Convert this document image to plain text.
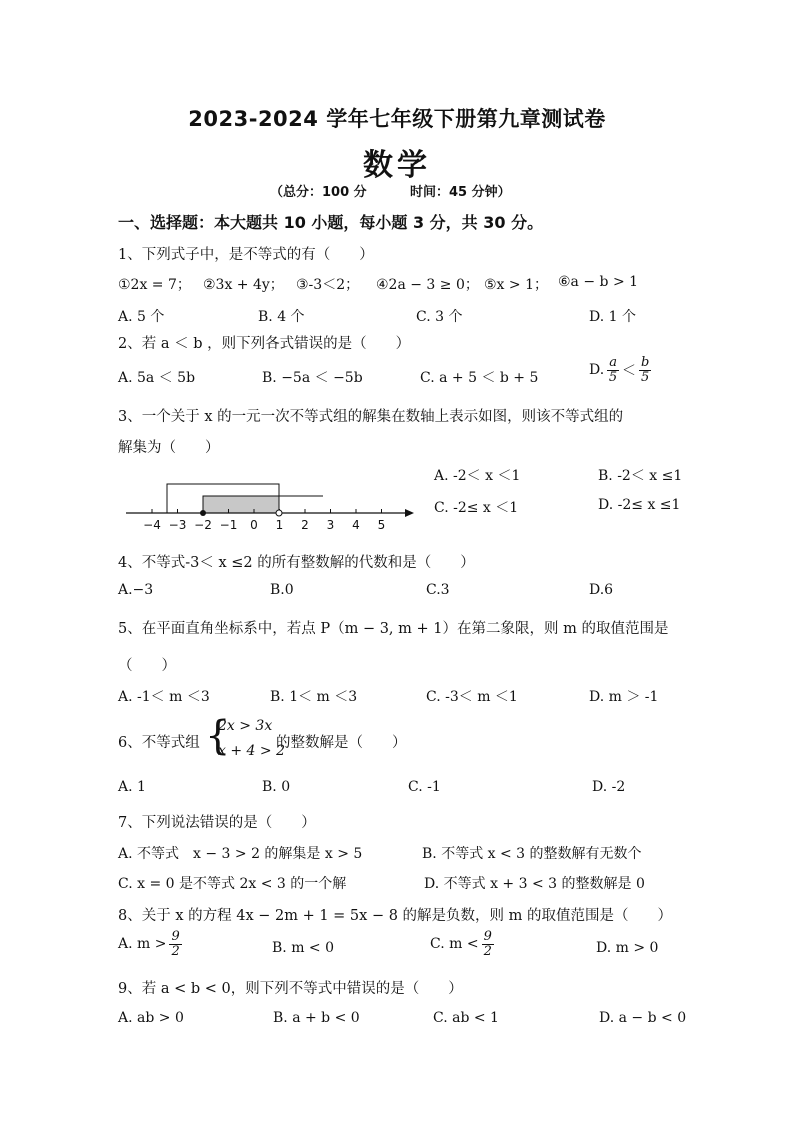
2023-2024 学年七年级下册第九章测试卷
数学
（总分：100 分	时间：45 分钟）
一、选择题：本大题共 10 小题，每小题 3 分，共 30 分。
1、下列式子中，是不等式的有（　　）
①2x = 7； ②3x + 4y； ③-3＜2； ④2a − 3 ≥ 0； ⑤x > 1； ⑥a − b > 1
A. 5 个	B. 4 个	C. 3 个	D. 1 个
2、若 a ＜ b ，则下列各式错误的是（　　）
A. 5a ＜ 5b	B. −5a ＜ −5b	C. a + 5 ＜ b + 5	D. $\frac{a}{5} < \frac{b}{5}$
3、一个关于 x 的一元一次不等式组的解集在数轴上表示如图，则该不等式组的
解集为（　　）
A. -2＜ x ＜1	B. -2＜ x ≤1
C. -2≤ x ＜1	D. -2≤ x ≤1
−4 −3 −2 −1 0 1 2 3 4 5
4、不等式-3＜ x ≤2 的所有整数解的代数和是（　　）
A.−3	B.0	C.3	D.6
5、在平面直角坐标系中，若点 P（m − 3, m + 1）在第二象限，则 m 的取值范围是
（　　）
A. -1＜ m ＜3	B. 1＜ m ＜3	C. -3＜ m ＜1	D. m ＞ -1
6、不等式组 {
2x > 3x
x + 4 > 2
的整数解是（　　）
A. 1	B. 0	C. -1	D. -2
7、下列说法错误的是（　　）
A. 不等式　x − 3 > 2 的解集是 x > 5	B. 不等式 x < 3 的整数解有无数个
C. x = 0 是不等式 2x < 3 的一个解	D. 不等式 x + 3 < 3 的整数解是 0
8、关于 x 的方程 4x − 2m + 1 = 5x − 8 的解是负数，则 m 的取值范围是（　　）
A. $m > \frac{9}{2}$	B. m < 0	C. $m < \frac{9}{2}$	D. m > 0
9、若 a < b < 0，则下列不等式中错误的是（　　）
A. ab > 0	B. a + b < 0	C. ab < 1	D. a − b < 0
